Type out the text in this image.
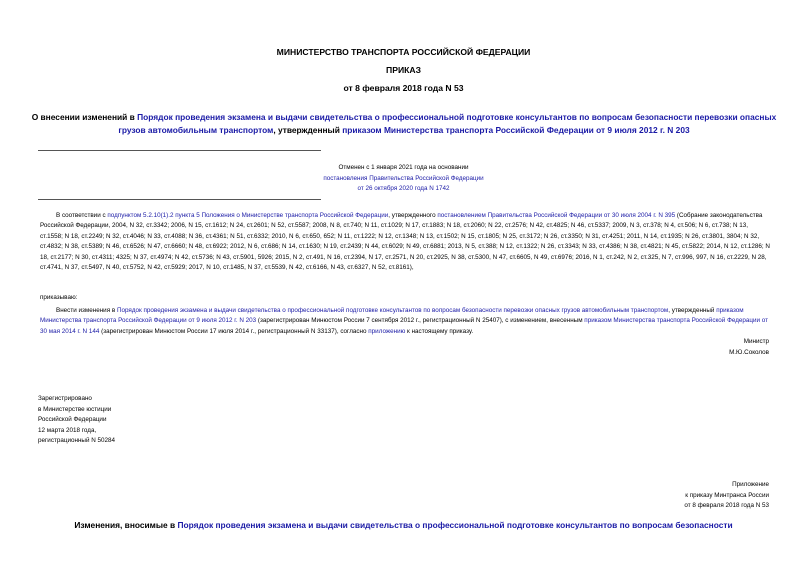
МИНИСТЕРСТВО ТРАНСПОРТА РОССИЙСКОЙ ФЕДЕРАЦИИ
ПРИКАЗ
от 8 февраля 2018 года N 53
О внесении изменений в Порядок проведения экзамена и выдачи свидетельства о профессиональной подготовке консультантов по вопросам безопасности перевозки опасных грузов автомобильным транспортом, утвержденный приказом Министерства транспорта Российской Федерации от 9 июля 2012 г. N 203
Отменен с 1 января 2021 года на основании
постановления Правительства Российской Федерации
от 26 октября 2020 года N 1742
В соответствии с подпунктом 5.2.10(1).2 пункта 5 Положения о Министерстве транспорта Российской Федерации, утвержденного постановлением Правительства Российской Федерации от 30 июля 2004 г. N 395 (Собрание законодательства Российской Федерации, 2004, N 32, ст.3342; 2006, N 15, ст.1612; N 24, ст.2601; N 52, ст.5587; 2008, N 8, ст.740; N 11, ст.1029; N 17, ст.1883; N 18, ст.2060; N 22, ст.2576; N 42, ст.4825; N 46, ст.5337; 2009, N 3, ст.378; N 4, ст.506; N 6, ст.738; N 13, ст.1558; N 18, ст.2249; N 32, ст.4046; N 33, ст.4088; N 36, ст.4361; N 51, ст.6332; 2010, N 6, ст.650, 652; N 11, ст.1222; N 12, ст.1348; N 13, ст.1502; N 15, ст.1805; N 25, ст.3172; N 26, ст.3350; N 31, ст.4251; 2011, N 14, ст.1935; N 26, ст.3801, 3804; N 32, ст.4832; N 38, ст.5389; N 46, ст.6526; N 47, ст.6660; N 48, ст.6922; 2012, N 6, ст.686; N 14, ст.1630; N 19, ст.2439; N 44, ст.6029; N 49, ст.6881; 2013, N 5, ст.388; N 12, ст.1322; N 26, ст.3343; N 33, ст.4386; N 38, ст.4821; N 45, ст.5822; 2014, N 12, ст.1286; N 18, ст.2177; N 30, ст.4311; 4325; N 37, ст.4974; N 42, ст.5736; N 43, ст.5901, 5926; 2015, N 2, ст.491, N 16, ст.2394, N 17, ст.2571, N 20, ст.2925, N 38, ст.5300, N 47, ст.6605, N 49, ст.6976; 2016, N 1, ст.242, N 2, ст.325, N 7, ст.996, 997, N 16, ст.2229, N 28, ст.4741, N 37, ст.5497, N 40, ст.5752, N 42, ст.5929; 2017, N 10, ст.1485, N 37, ст.5539, N 42, ст.6166, N 43, ст.6327, N 52, ст.8161),
приказываю:
Внести изменения в Порядок проведения экзамена и выдачи свидетельства о профессиональной подготовке консультантов по вопросам безопасности перевозки опасных грузов автомобильным транспортом, утвержденный приказом Министерства транспорта Российской Федерации от 9 июля 2012 г. N 203 (зарегистрирован Минюстом России 7 сентября 2012 г., регистрационный N 25407), с изменением, внесенным приказом Министерства транспорта Российской Федерации от 30 мая 2014 г. N 144 (зарегистрирован Минюстом России 17 июля 2014 г., регистрационный N 33137), согласно приложению к настоящему приказу.
Министр
М.Ю.Соколов
Зарегистрировано
в Министерстве юстиции
Российской Федерации
12 марта 2018 года,
регистрационный N 50284
Приложение
к приказу Минтранса России
от 8 февраля 2018 года N 53
Изменения, вносимые в Порядок проведения экзамена и выдачи свидетельства о профессиональной подготовке консультантов по вопросам безопасности
